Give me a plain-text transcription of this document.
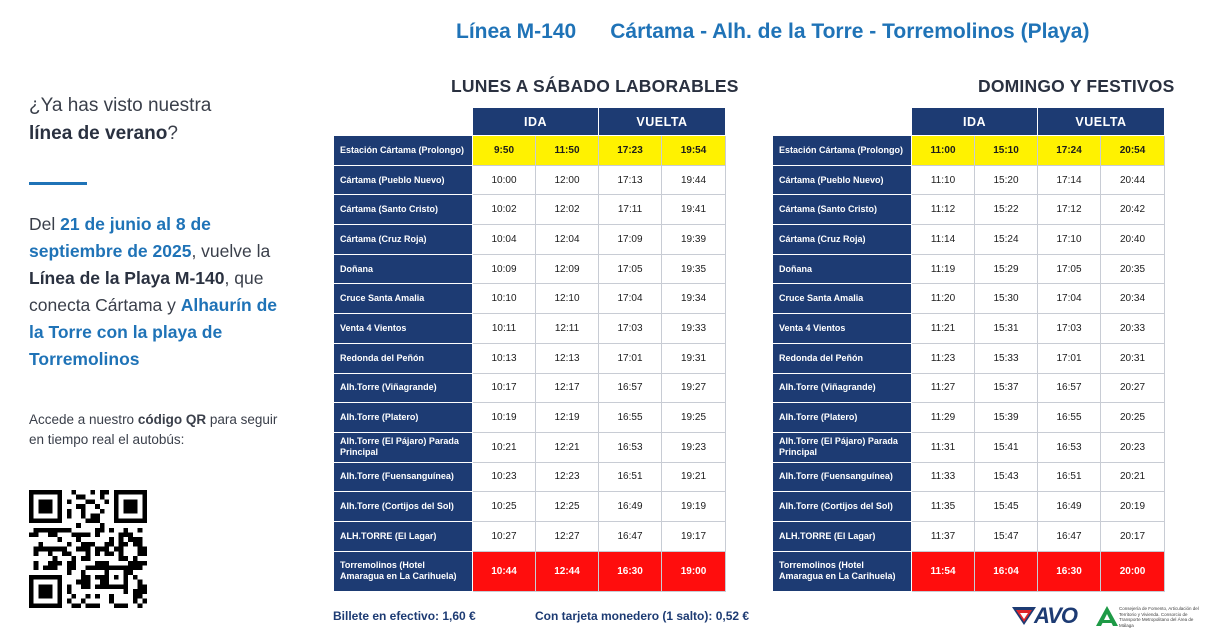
Línea M-140 Cártama - Alh. de la Torre - Torremolinos (Playa)
¿Ya has visto nuestra
línea de verano?
Del 21 de junio al 8 de septiembre de 2025, vuelve la Línea de la Playa M-140, que conecta Cártama y Alhaurín de la Torre con la playa de Torremolinos
Accede a nuestro código QR para seguir en tiempo real el autobús:
LUNES A SÁBADO LABORABLES	DOMINGO Y FESTIVOS
	IDA		VUELTA	
Estación Cártama (Prolongo)	9:50	11:50	17:23	19:54
Cártama (Pueblo Nuevo)	10:00	12:00	17:13	19:44
Cártama (Santo Cristo)	10:02	12:02	17:11	19:41
Cártama (Cruz Roja)	10:04	12:04	17:09	19:39
Doñana	10:09	12:09	17:05	19:35
Cruce Santa Amalia	10:10	12:10	17:04	19:34
Venta 4 Vientos	10:11	12:11	17:03	19:33
Redonda del Peñón	10:13	12:13	17:01	19:31
Alh.Torre (Viñagrande)	10:17	12:17	16:57	19:27
Alh.Torre (Platero)	10:19	12:19	16:55	19:25
Alh.Torre (El Pájaro) Parada Principal	10:21	12:21	16:53	19:23
Alh.Torre (Fuensanguínea)	10:23	12:23	16:51	19:21
Alh.Torre (Cortijos del Sol)	10:25	12:25	16:49	19:19
ALH.TORRE (El Lagar)	10:27	12:27	16:47	19:17
Torremolinos (Hotel Amaragua en La Carihuela)	10:44	12:44	16:30	19:00
	IDA		VUELTA	
Estación Cártama (Prolongo)	11:00	15:10	17:24	20:54
Cártama (Pueblo Nuevo)	11:10	15:20	17:14	20:44
Cártama (Santo Cristo)	11:12	15:22	17:12	20:42
Cártama (Cruz Roja)	11:14	15:24	17:10	20:40
Doñana	11:19	15:29	17:05	20:35
Cruce Santa Amalia	11:20	15:30	17:04	20:34
Venta 4 Vientos	11:21	15:31	17:03	20:33
Redonda del Peñón	11:23	15:33	17:01	20:31
Alh.Torre (Viñagrande)	11:27	15:37	16:57	20:27
Alh.Torre (Platero)	11:29	15:39	16:55	20:25
Alh.Torre (El Pájaro) Parada Principal	11:31	15:41	16:53	20:23
Alh.Torre (Fuensanguínea)	11:33	15:43	16:51	20:21
Alh.Torre (Cortijos del Sol)	11:35	15:45	16:49	20:19
ALH.TORRE (El Lagar)	11:37	15:47	16:47	20:17
Torremolinos (Hotel Amaragua en La Carihuela)	11:54	16:04	16:30	20:00
Billete en efectivo: 1,60 €	Con tarjeta monedero (1 salto): 0,52 €	AVO	Consejería de Fomento, Articulación del Territorio y Vivienda. Consorcio de Transporte Metropolitano del Área de Málaga
